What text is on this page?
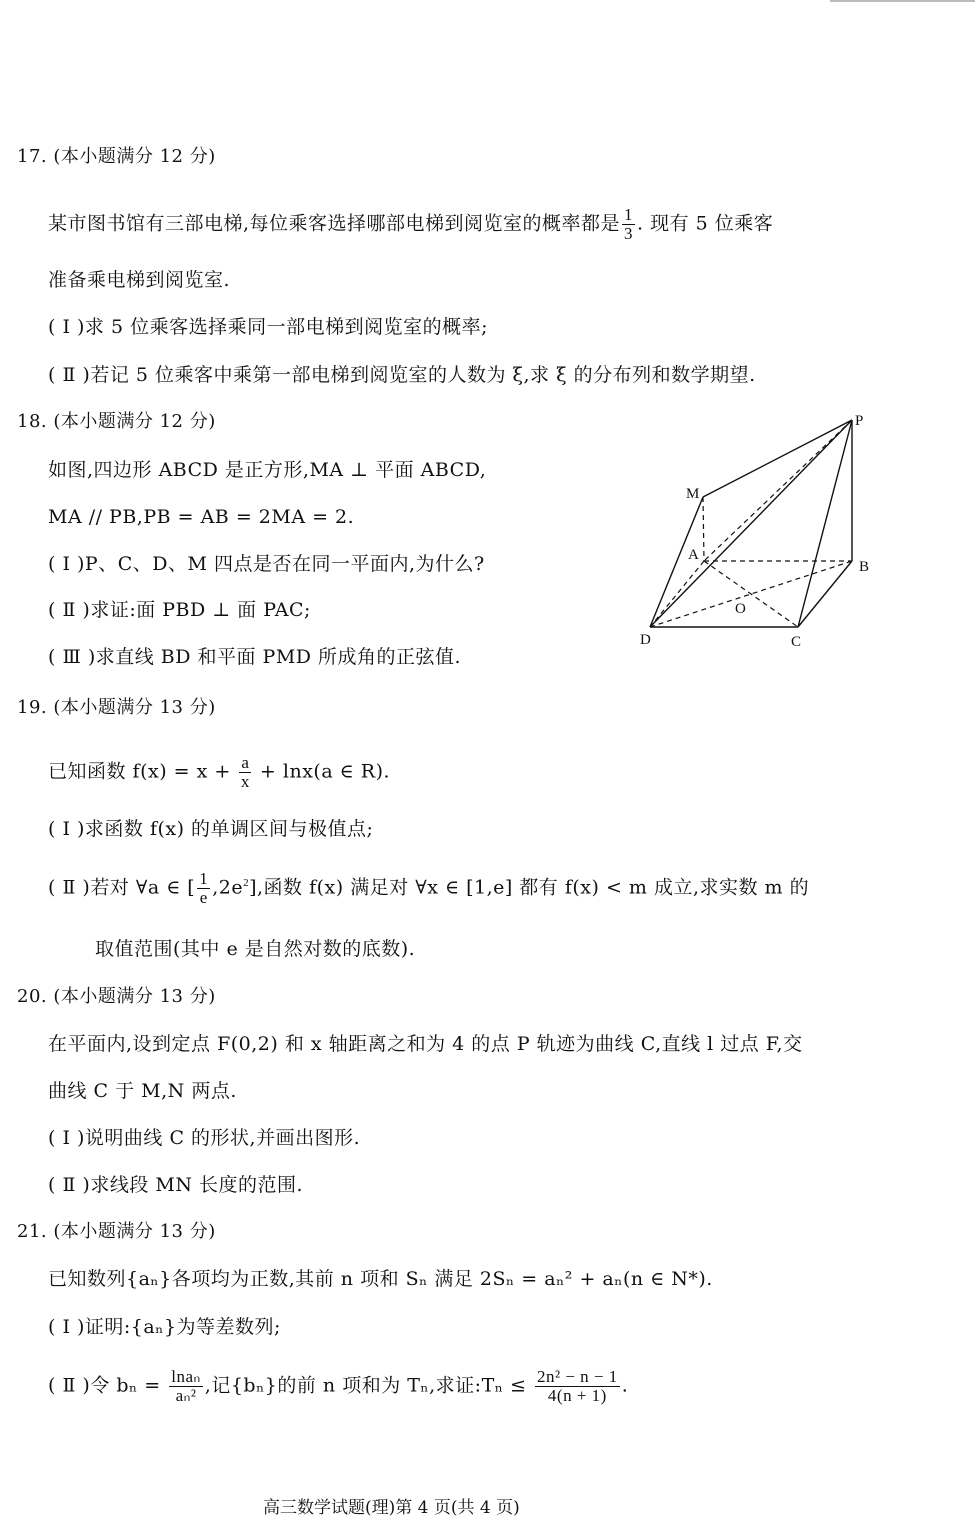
17. (本小题满分 12 分)
某市图书馆有三部电梯,每位乘客选择哪部电梯到阅览室的概率都是 $\frac{1}{3}$ . 现有 5 位乘客
准备乘电梯到阅览室.
( Ⅰ )求 5 位乘客选择乘同一部电梯到阅览室的概率;
( Ⅱ )若记 5 位乘客中乘第一部电梯到阅览室的人数为 ξ,求 ξ 的分布列和数学期望.
18. (本小题满分 12 分)
如图,四边形 ABCD 是正方形,MA ⊥ 平面 ABCD,
MA // PB,PB = AB = 2MA = 2.
( Ⅰ )P、C、D、M 四点是否在同一平面内,为什么?
( Ⅱ )求证:面 PBD ⊥ 面 PAC;
( Ⅲ )求直线 BD 和平面 PMD 所成角的正弦值.
P
M
A
B
O
D	C
19. (本小题满分 13 分)
已知函数 $f(x) = x + \frac{a}{x} + \ln x(a$ ∈ R).
( Ⅰ )求函数 f(x) 的单调区间与极值点;
( Ⅱ )若对 ∀a ∈ [ $\frac{1}{e} ,2e^2$],函数 f(x) 满足对 ∀x ∈ [1,e] 都有 f(x) < m 成立,求实数 m 的
取值范围(其中 e 是自然对数的底数).
20. (本小题满分 13 分)
在平面内,设到定点 F(0,2) 和 x 轴距离之和为 4 的点 P 轨迹为曲线 C,直线 l 过点 F,交
曲线 C 于 M,N 两点.
( Ⅰ )说明曲线 C 的形状,并画出图形.
( Ⅱ )求线段 MN 长度的范围.
21. (本小题满分 13 分)
已知数列{aₙ}各项均为正数,其前 n 项和 Sₙ 满足 2Sₙ = aₙ² + aₙ(n ∈ N*).
( Ⅰ )证明:{aₙ}为等差数列;
( Ⅱ )令 $b_n = \frac{\text{lnaₙ}}{\text{aₙ²}}$ ,记{bₙ}的前 n 项和为 Tₙ,求证:Tₙ ≤ $\frac{\text{2n² − n − 1}}{4(n + 1)}$ .
高三数学试题(理)第 4 页(共 4 页)
